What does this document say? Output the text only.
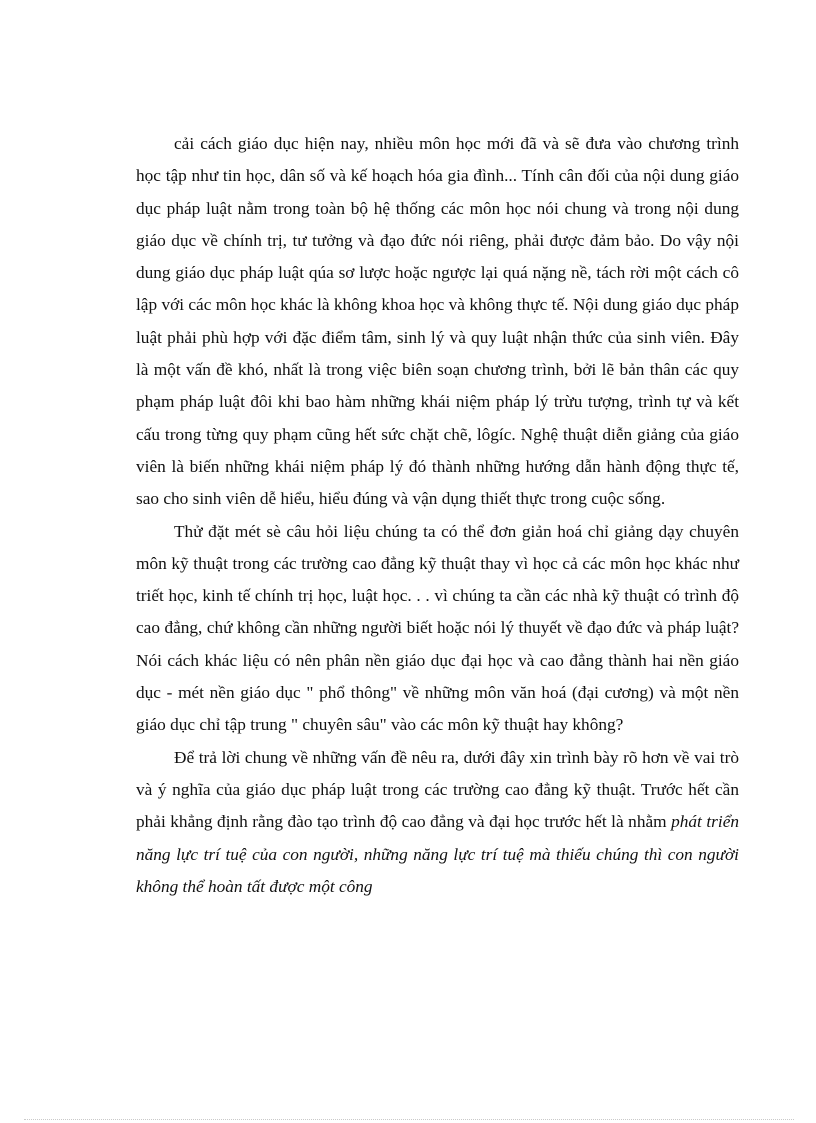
cải cách giáo dục hiện nay, nhiều môn học mới đã và sẽ đưa vào chương trình học tập như tin học, dân số và kế hoạch hóa gia đình... Tính cân đối của nội dung giáo dục pháp luật nằm trong toàn bộ hệ thống các môn học nói chung và trong nội dung giáo dục về chính trị, tư tưởng và đạo đức nói riêng, phải được đảm bảo. Do vậy nội dung giáo dục pháp luật qúa sơ lược hoặc ngược lại quá nặng nề, tách rời một cách cô lập với các môn học khác là không khoa học và không thực tế. Nội dung giáo dục pháp luật phải phù hợp với đặc điểm tâm, sinh lý và quy luật nhận thức của sinh viên. Đây là một vấn đề khó, nhất là trong việc biên soạn chương trình, bởi lẽ bản thân các quy phạm pháp luật đôi khi bao hàm những khái niệm pháp lý trừu tượng, trình tự và kết cấu trong từng quy phạm cũng hết sức chặt chẽ, lôgíc. Nghệ thuật diễn giảng của giáo viên là biến những khái niệm pháp lý đó thành những hướng dẫn hành động thực tế, sao cho sinh viên dễ hiểu, hiểu đúng và vận dụng thiết thực trong cuộc sống.

Thử đặt mét sè câu hỏi liệu chúng ta có thể đơn giản hoá chỉ giảng dạy chuyên môn kỹ thuật trong các trường cao đẳng kỹ thuật thay vì học cả các môn học khác như triết học, kinh tế chính trị học, luật học. . . vì chúng ta cần các nhà kỹ thuật có trình độ cao đẳng, chứ không cần những người biết hoặc nói lý thuyết về đạo đức và pháp luật? Nói cách khác liệu có nên phân nền giáo dục đại học và cao đẳng thành hai nền giáo dục - mét nền giáo dục " phổ thông" về những môn văn hoá (đại cương) và một nền giáo dục chỉ tập trung " chuyên sâu" vào các môn kỹ thuật hay không?

Để trả lời chung về những vấn đề nêu ra, dưới đây xin trình bày rõ hơn về vai trò và ý nghĩa của giáo dục pháp luật trong các trường cao đẳng kỹ thuật. Trước hết cần phải khẳng định rằng đào tạo trình độ cao đẳng và đại học trước hết là nhằm phát triển năng lực trí tuệ của con người, những năng lực trí tuệ mà thiếu chúng thì con người không thể hoàn tất được một công
